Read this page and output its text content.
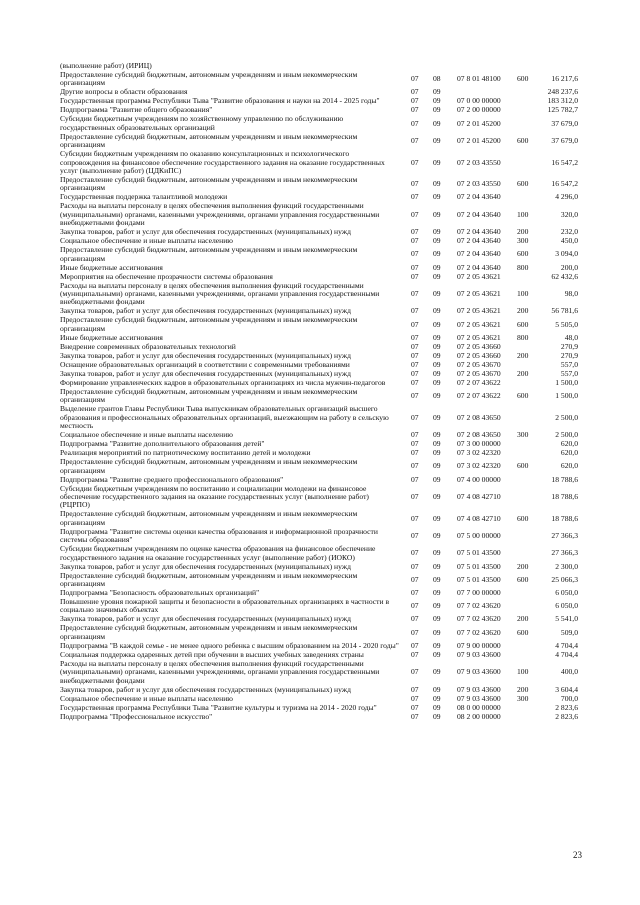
(выполнение работ) (ИРИЦ)
Предоставление субсидий бюджетным, автономным учреждениям и иным некоммерческим организациям	07	08	07 8 01 48100	600	16 217,6
Другие вопросы в области образования	07	09	248 237,6
Государственная программа Республики Тыва "Развитие образования и науки на 2014 - 2025 годы"	07	09	07 0 00 00000	183 312,0
Подпрограмма "Развитие общего образования"	07	09	07 2 00 00000	125 782,7
Субсидии бюджетным учреждениям по хозяйственному управлению по обслуживанию государственных образовательных организаций	07	09	07 2 01 45200	37 679,0
Предоставление субсидий бюджетным, автономным учреждениям и иным некоммерческим организациям	07	09	07 2 01 45200	600	37 679,0
Субсидии бюджетным учреждениям по оказанию консультационных и психологического сопровождения на финансовое обеспечение государственного задания на оказание государственных услуг (выполнение работ) (ЦДКиПС)
07	09	07 2 03 43550	16 547,2
Предоставление субсидий бюджетным, автономным учреждениям и иным некоммерческим организациям	07	09	07 2 03 43550	600	16 547,2
Государственная поддержка талантливой молодежи	07	09	07 2 04 43640	4 296,0
Расходы на выплаты персоналу в целях обеспечения выполнения функций государственными (муниципальными) органами, казенными учреждениями, органами управления государственными внебюджетными фондами
07	09	07 2 04 43640	100	320,0
Закупка товаров, работ и услуг для обеспечения государственных (муниципальных) нужд	07	09	07 2 04 43640	200	232,0
Социальное обеспечение и иные выплаты населению	07	09	07 2 04 43640	300	450,0
Предоставление субсидий бюджетным, автономным учреждениям и иным некоммерческим организациям	07	09	07 2 04 43640	600	3 094,0
Иные бюджетные ассигнования	07	09	07 2 04 43640	800	200,0
Мероприятия на обеспечение прозрачности системы образования	07	09	07 2 05 43621	62 432,6
Расходы на выплаты персоналу в целях обеспечения выполнения функций государственными (муниципальными) органами, казенными учреждениями, органами управления государственными внебюджетными фондами
07	09	07 2 05 43621	100	98,0
Закупка товаров, работ и услуг для обеспечения государственных (муниципальных) нужд	07	09	07 2 05 43621	200	56 781,6
Предоставление субсидий бюджетным, автономным учреждениям и иным некоммерческим организациям	07	09	07 2 05 43621	600	5 505,0
Иные бюджетные ассигнования	07	09	07 2 05 43621	800	48,0
Внедрение современных образовательных технологий	07	09	07 2 05 43660	270,9
Закупка товаров, работ и услуг для обеспечения государственных (муниципальных) нужд	07	09	07 2 05 43660	200	270,9
Оснащение образовательных организаций в соответствии с современными требованиями	07	09	07 2 05 43670	557,0
Закупка товаров, работ и услуг для обеспечения государственных (муниципальных) нужд	07	09	07 2 05 43670	200	557,0
Формирование управленческих кадров в образовательных организациях из числа мужчин-педагогов	07	09	07 2 07 43622	1 500,0
Предоставление субсидий бюджетным, автономным учреждениям и иным некоммерческим организациям	07	09	07 2 07 43622	600	1 500,0
Выделение грантов Главы Республики Тыва выпускникам образовательных организаций высшего образования и профессиональных образовательных организаций, выезжающим на работу в сельскую местность
07	09	07 2 08 43650	2 500,0
Социальное обеспечение и иные выплаты населению	07	09	07 2 08 43650	300	2 500,0
Подпрограмма "Развитие дополнительного образования детей"	07	09	07 3 00 00000	620,0
Реализация мероприятий по патриотическому воспитанию детей и молодежи	07	09	07 3 02 42320	620,0
Предоставление субсидий бюджетным, автономным учреждениям и иным некоммерческим организациям	07	09	07 3 02 42320	600	620,0
Подпрограмма "Развитие среднего профессионального образования"	07	09	07 4 00 00000	18 788,6
Субсидии бюджетным учреждениям по воспитанию и социализации молодежи на финансовое обеспечение государственного задания на оказание государственных услуг (выполнение работ) (РЦРПО)
07	09	07 4 08 42710	18 788,6
Предоставление субсидий бюджетным, автономным учреждениям и иным некоммерческим организациям	07	09	07 4 08 42710	600	18 788,6
Подпрограмма "Развитие системы оценки качества образования и информационной прозрачности системы образования"	07	09	07 5 00 00000	27 366,3
Субсидии бюджетным учреждениям по оценке качества образования на финансовое обеспечение государственного задания на оказание государственных услуг (выполнение работ) (ИОКО)	07	09	07 5 01 43500	27 366,3
Закупка товаров, работ и услуг для обеспечения государственных (муниципальных) нужд	07	09	07 5 01 43500	200	2 300,0
Предоставление субсидий бюджетным, автономным учреждениям и иным некоммерческим организациям	07	09	07 5 01 43500	600	25 066,3
Подпрограмма "Безопасность образовательных организаций"	07	09	07 7 00 00000	6 050,0
Повышение уровня пожарной защиты и безопасности в образовательных организациях в частности в социально значимых объектах	07	09	07 7 02 43620	6 050,0
Закупка товаров, работ и услуг для обеспечения государственных (муниципальных) нужд	07	09	07 7 02 43620	200	5 541,0
Предоставление субсидий бюджетным, автономным учреждениям и иным некоммерческим организациям	07	09	07 7 02 43620	600	509,0
Подпрограмма "В каждой семье - не менее одного ребенка с высшим образованием на 2014 - 2020 годы"	07	09	07 9 00 00000	4 704,4
Социальная поддержка одаренных детей при обучении в высших учебных заведениях страны	07	09	07 9 03 43600	4 704,4
Расходы на выплаты персоналу в целях обеспечения выполнения функций государственными (муниципальными) органами, казенными учреждениями, органами управления государственными внебюджетными фондами
07	09	07 9 03 43600	100	400,0
Закупка товаров, работ и услуг для обеспечения государственных (муниципальных) нужд	07	09	07 9 03 43600	200	3 604,4
Социальное обеспечение и иные выплаты населению	07	09	07 9 03 43600	300	700,0
Государственная программа Республики Тыва "Развитие культуры и туризма на 2014 - 2020 годы"	07	09	08 0 00 00000	2 823,6
Подпрограмма "Профессиональное искусство"	07	09	08 2 00 00000	2 823,6
23
